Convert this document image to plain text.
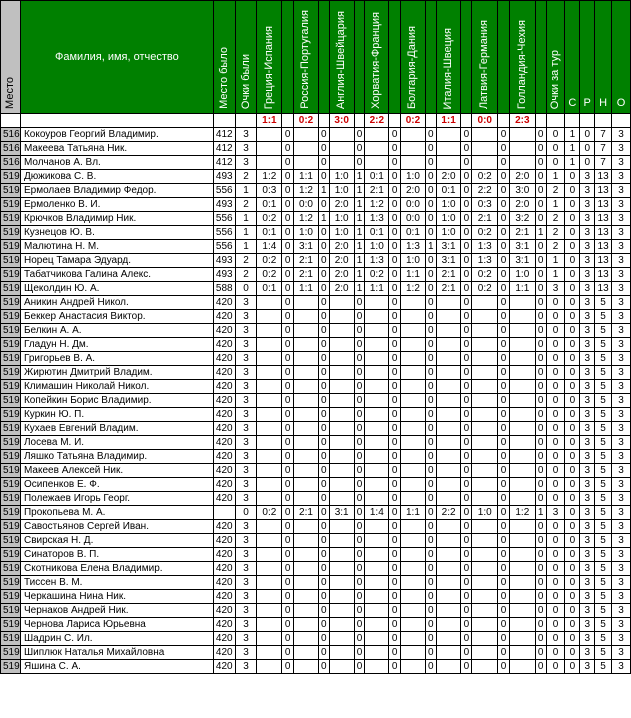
Место	Фамилия, имя, отчество	Место было	Очки были	Греция-Испания		Россия-Португалия		Англия-Швейцария		Хорватия-Франция		Болгария-Дания		Италия-Швеция		Латвия-Германия		Голландия-Чехия		Очки за тур	С	Р	Н	О
				1:1		0:2		3:0		2:2		0:2		1:1		0:0		2:3						
516	Кокоуров Георгий Владимир.	412	3		0		0		0		0		0		0		0		0	0	1	0	7	3
516	Макеева Татьяна Ник.	412	3		0		0		0		0		0		0		0		0	0	1	0	7	3
516	Молчанов А. Вл.	412	3		0		0		0		0		0		0		0		0	0	1	0	7	3
519	Дюжикова С. В.	493	2	1:2	0	1:1	0	1:0	1	0:1	0	1:0	0	2:0	0	0:2	0	2:0	0	1	0	3	13	3
519	Ермолаев Владимир Федор.	556	1	0:3	0	1:2	1	1:0	1	2:1	0	2:0	0	0:1	0	2:2	0	3:0	0	2	0	3	13	3
519	Ермоленко В. И.	493	2	0:1	0	0:0	0	2:0	1	1:2	0	0:0	0	1:0	0	0:3	0	2:0	0	1	0	3	13	3
519	Крючков Владимир Ник.	556	1	0:2	0	1:2	1	1:0	1	1:3	0	0:0	0	1:0	0	2:1	0	3:2	0	2	0	3	13	3
519	Кузнецов Ю. В.	556	1	0:1	0	1:0	0	1:0	1	0:1	0	0:1	0	1:0	0	0:2	0	2:1	1	2	0	3	13	3
519	Малютина Н. М.	556	1	1:4	0	3:1	0	2:0	1	1:0	0	1:3	1	3:1	0	1:3	0	3:1	0	2	0	3	13	3
519	Норец Тамара Эдуард.	493	2	0:2	0	2:1	0	2:0	1	1:3	0	1:0	0	3:1	0	1:3	0	3:1	0	1	0	3	13	3
519	Табатчикова Галина Алекс.	493	2	0:2	0	2:1	0	2:0	1	0:2	0	1:1	0	2:1	0	0:2	0	1:0	0	1	0	3	13	3
519	Щеколдин Ю. А.	588	0	0:1	0	1:1	0	2:0	1	1:1	0	1:2	0	2:1	0	0:2	0	1:1	0	3	0	3	13	3
519	Аникин Андрей Никол.	420	3		0		0		0		0		0		0		0		0	0	0	3	5	3
519	Беккер Анастасия Виктор.	420	3		0		0		0		0		0		0		0		0	0	0	3	5	3
519	Белкин А. А.	420	3		0		0		0		0		0		0		0		0	0	0	3	5	3
519	Гладун Н. Дм.	420	3		0		0		0		0		0		0		0		0	0	0	3	5	3
519	Григорьев В. А.	420	3		0		0		0		0		0		0		0		0	0	0	3	5	3
519	Жирютин Дмитрий Владим.	420	3		0		0		0		0		0		0		0		0	0	0	3	5	3
519	Климашин Николай Никол.	420	3		0		0		0		0		0		0		0		0	0	0	3	5	3
519	Копейкин Борис Владимир.	420	3		0		0		0		0		0		0		0		0	0	0	3	5	3
519	Куркин Ю. П.	420	3		0		0		0		0		0		0		0		0	0	0	3	5	3
519	Кухаев Евгений Владим.	420	3		0		0		0		0		0		0		0		0	0	0	3	5	3
519	Лосева М. И.	420	3		0		0		0		0		0		0		0		0	0	0	3	5	3
519	Ляшко Татьяна Владимир.	420	3		0		0		0		0		0		0		0		0	0	0	3	5	3
519	Макеев Алексей Ник.	420	3		0		0		0		0		0		0		0		0	0	0	3	5	3
519	Осипенков Е. Ф.	420	3		0		0		0		0		0		0		0		0	0	0	3	5	3
519	Полежаев Игорь Георг.	420	3		0		0		0		0		0		0		0		0	0	0	3	5	3
519	Прокопьева М. А.		0	0:2	0	2:1	0	3:1	0	1:4	0	1:1	0	2:2	0	1:0	0	1:2	1	3	0	3	5	3
519	Савостьянов Сергей Иван.	420	3		0		0		0		0		0		0		0		0	0	0	3	5	3
519	Свирская Н. Д.	420	3		0		0		0		0		0		0		0		0	0	0	3	5	3
519	Синаторов В. П.	420	3		0		0		0		0		0		0		0		0	0	0	3	5	3
519	Скотникова Елена Владимир.	420	3		0		0		0		0		0		0		0		0	0	0	3	5	3
519	Тиссен В. М.	420	3		0		0		0		0		0		0		0		0	0	0	3	5	3
519	Черкашина Нина Ник.	420	3		0		0		0		0		0		0		0		0	0	0	3	5	3
519	Чернаков Андрей Ник.	420	3		0		0		0		0		0		0		0		0	0	0	3	5	3
519	Чернова Лариса Юрьевна	420	3		0		0		0		0		0		0		0		0	0	0	3	5	3
519	Шадрин С. Ил.	420	3		0		0		0		0		0		0		0		0	0	0	3	5	3
519	Шиплюк Наталья Михайловна	420	3		0		0		0		0		0		0		0		0	0	0	3	5	3
519	Яшина С. А.	420	3		0		0		0		0		0		0		0		0	0	0	3	5	3
